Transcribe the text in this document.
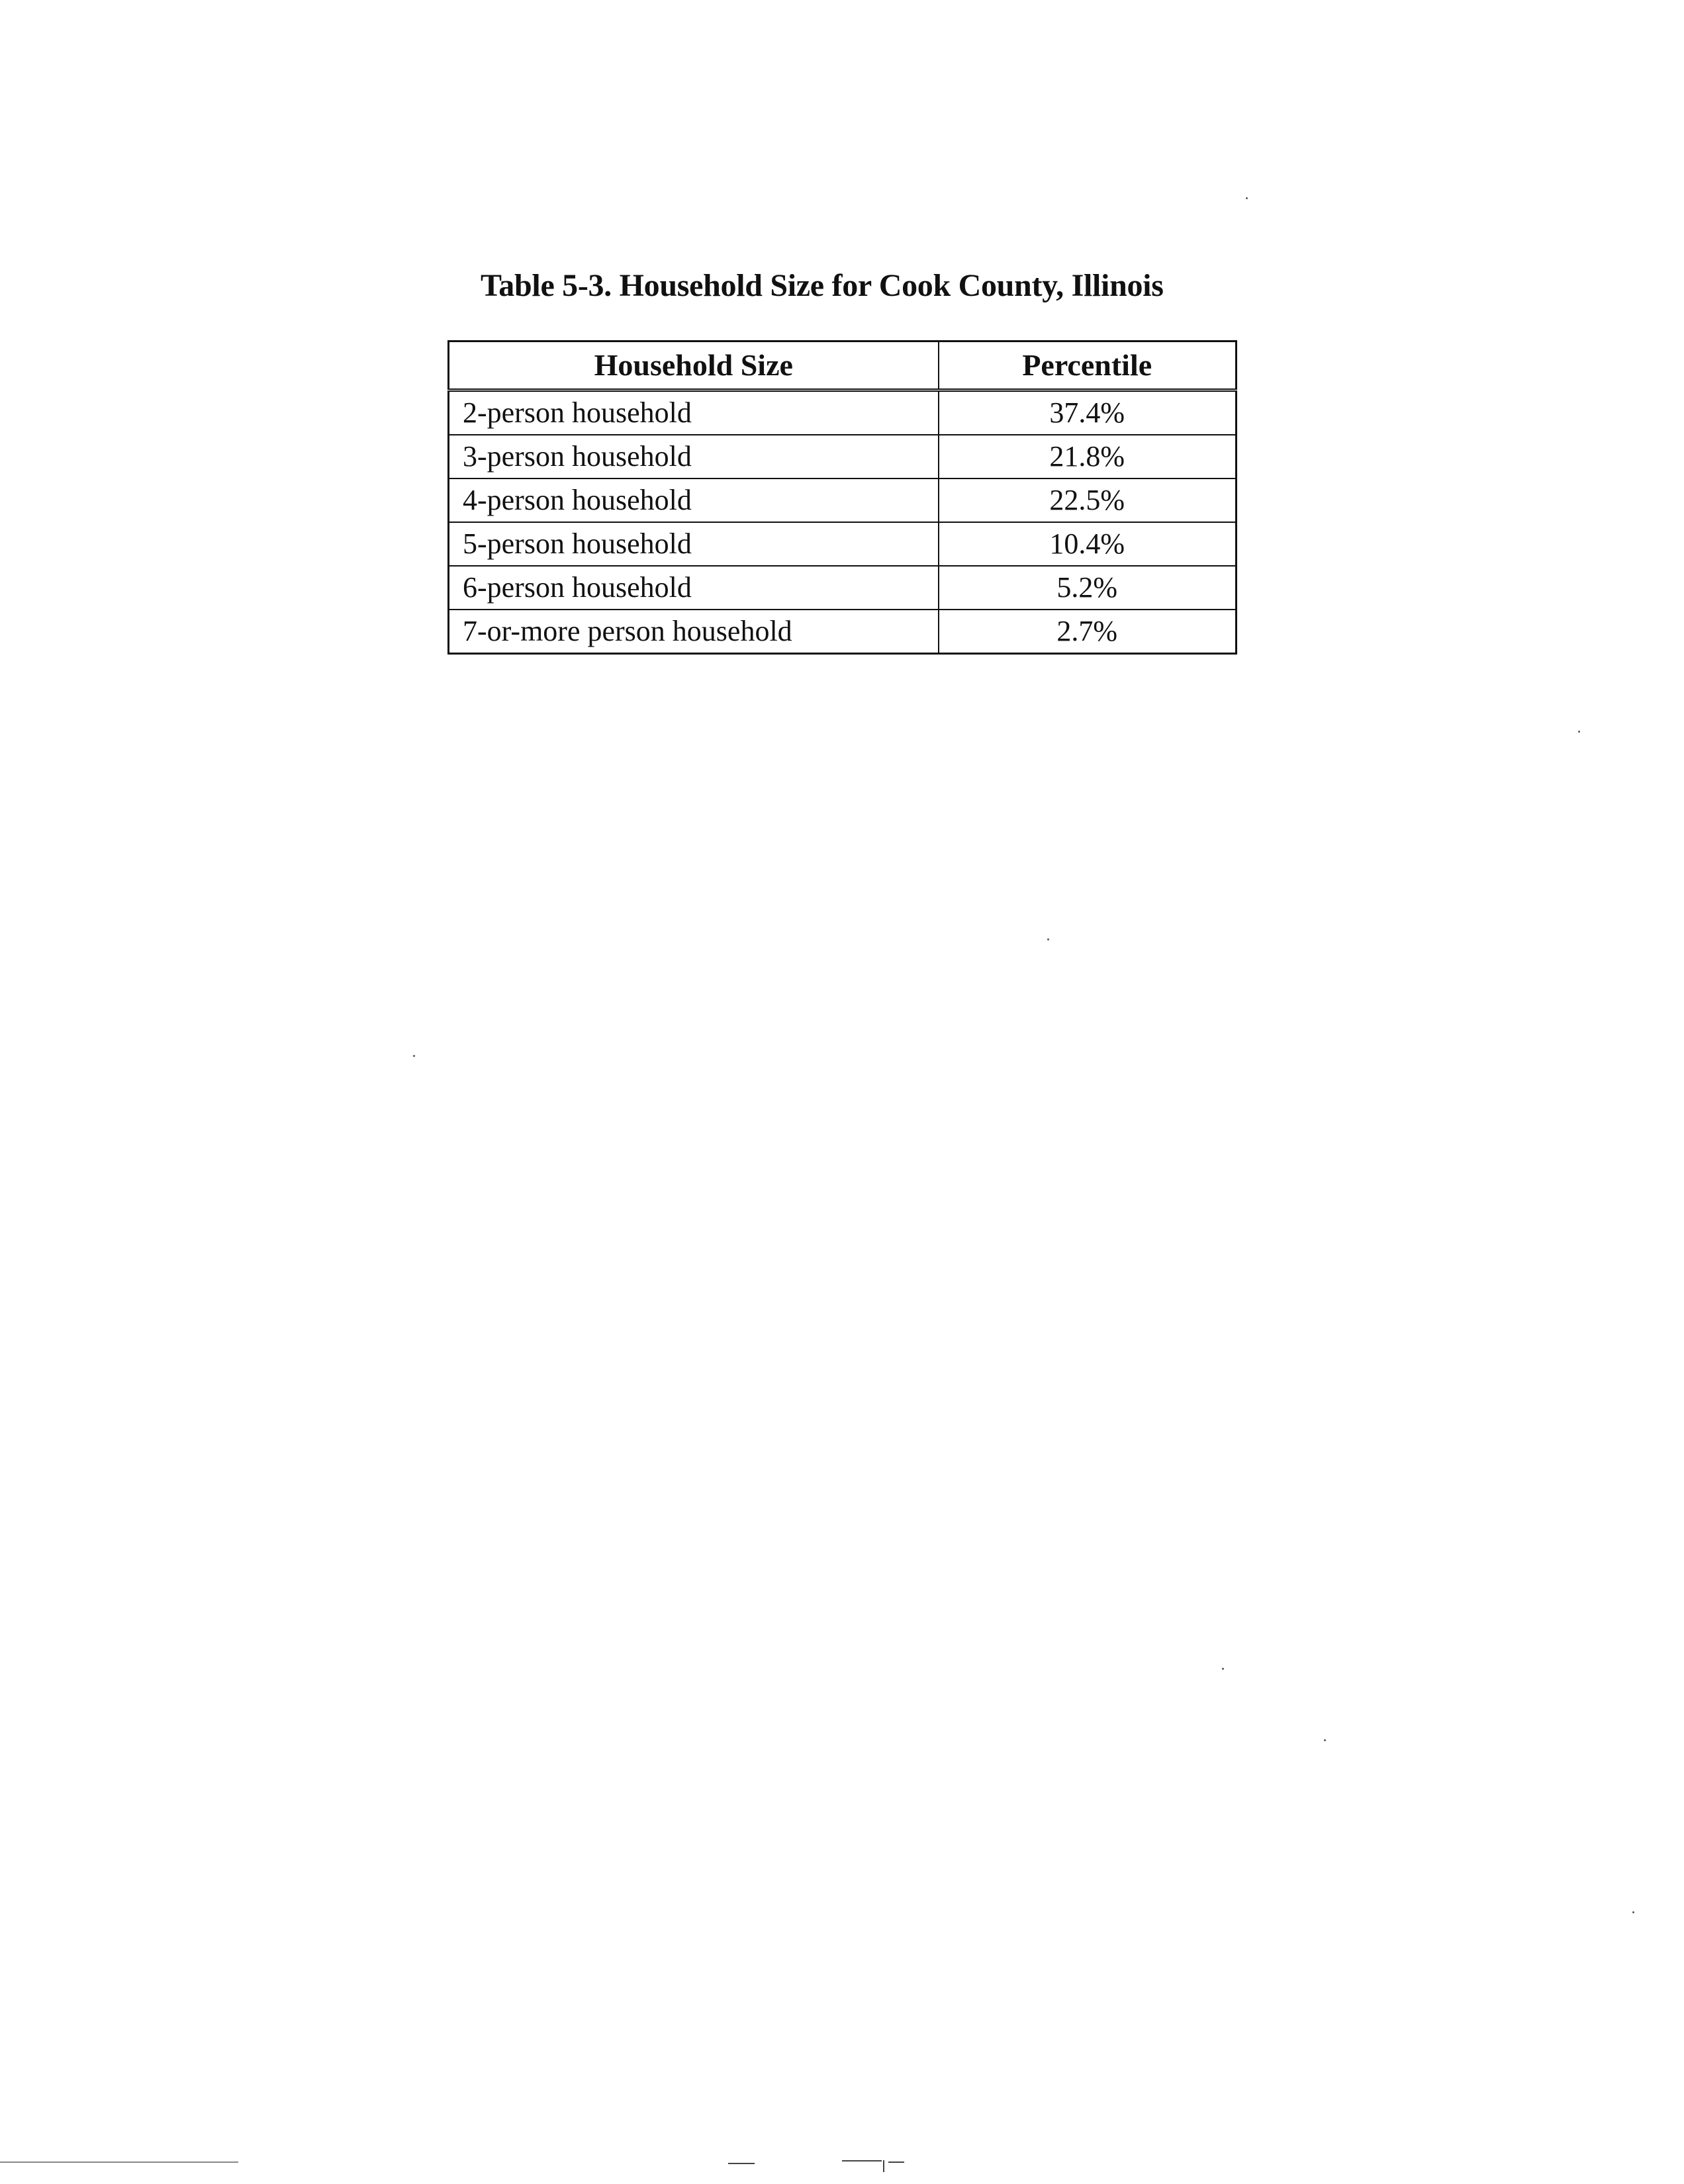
Table 5-3. Household Size for Cook County, Illinois
Household Size	Percentile
2-person household	37.4%
3-person household	21.8%
4-person household	22.5%
5-person household	10.4%
6-person household	5.2%
7-or-more person household	2.7%
